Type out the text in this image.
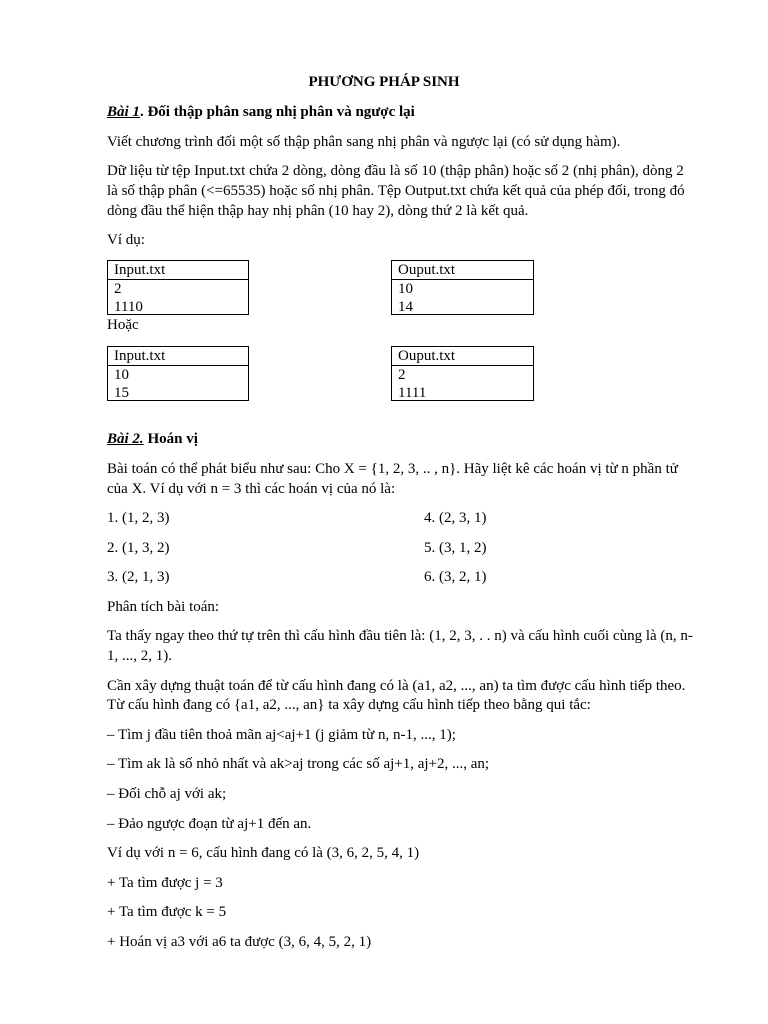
PHƯƠNG PHÁP SINH

Bài 1. Đối thập phân sang nhị phân và ngược lại

Viết chương trình đối một số thập phân sang nhị phân và ngược lại (có sử dụng hàm).

Dữ liệu từ tệp Input.txt chứa 2 dòng, dòng đầu là số 10 (thập phân) hoặc số 2 (nhị phân), dòng 2

là số thập phân (<=65535) hoặc số nhị phân. Tệp Output.txt chứa kết quả của phép đối, trong đó

dòng đầu thể hiện thập hay nhị phân (10 hay 2), dòng thứ 2 là kết quả.

Ví dụ:

Input.txt
2
1110
Ouput.txt
10
14

Hoặc

Input.txt
10
15
Ouput.txt
2
1111

Bài 2. Hoán vị

Bài toán có thể phát biểu như sau: Cho X = {1, 2, 3, .. , n}. Hãy liệt kê các hoán vị từ n phần tử

của X. Ví dụ với n = 3 thì các hoán vị của nó là:

1. (1, 2, 3)	4. (2, 3, 1)

2. (1, 3, 2)	5. (3, 1, 2)

3. (2, 1, 3)	6. (3, 2, 1)

Phân tích bài toán:

Ta thấy ngay theo thứ tự trên thì cấu hình đầu tiên là: (1, 2, 3, . . n) và cấu hình cuối cùng là (n, n-

1, ..., 2, 1).

Cần xây dựng thuật toán để từ cấu hình đang có là (a1, a2, ..., an) ta tìm được cấu hình tiếp theo.

Từ cấu hình đang có {a1, a2, ..., an} ta xây dựng cấu hình tiếp theo bằng qui tắc:

– Tìm j đầu tiên thoả mãn aj<aj+1 (j giảm từ n, n-1, ..., 1);

– Tìm ak là số nhỏ nhất và ak>aj trong các số aj+1, aj+2, ..., an;

– Đối chỗ aj với ak;

– Đảo ngược đoạn từ aj+1 đến an.

Ví dụ với n = 6, cấu hình đang có là (3, 6, 2, 5, 4, 1)

+ Ta tìm được j = 3

+ Ta tìm được k = 5

+ Hoán vị a3 với a6 ta được (3, 6, 4, 5, 2, 1)
